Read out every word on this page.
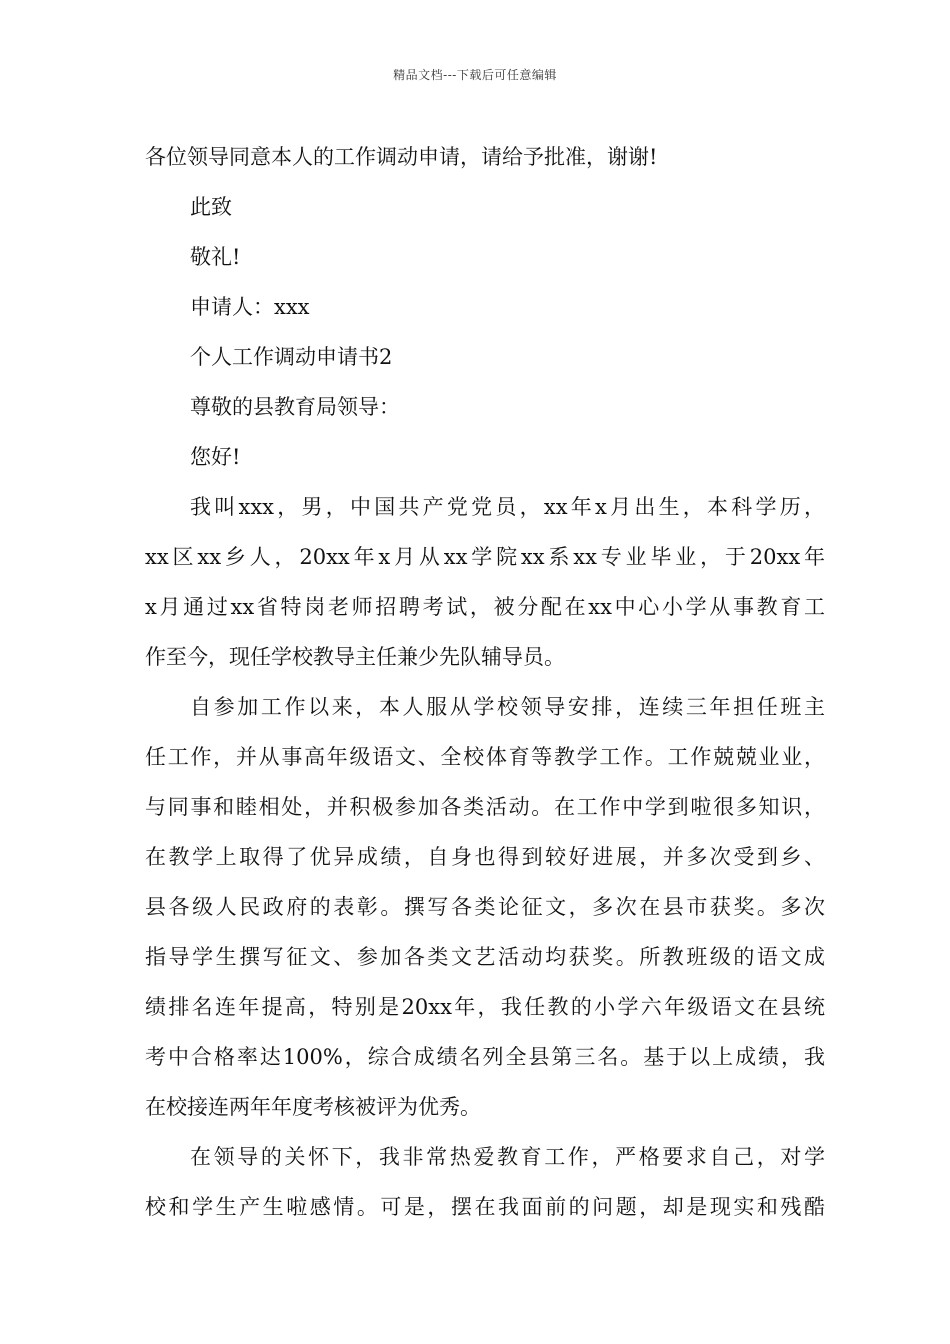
精品文档---下载后可任意编辑
各位领导同意本人的工作调动申请，请给予批准，谢谢!
此致
敬礼!
申请人：xxx
个人工作调动申请书2
尊敬的县教育局领导：
您好!
我叫xxx，男，中国共产党党员，xx年x月出生，本科学历，
xx区xx乡人，20xx年x月从xx学院xx系xx专业毕业，于20xx年
x月通过xx省特岗老师招聘考试，被分配在xx中心小学从事教育工
作至今，现任学校教导主任兼少先队辅导员。
自参加工作以来，本人服从学校领导安排，连续三年担任班主
任工作，并从事高年级语文、全校体育等教学工作。工作兢兢业业，
与同事和睦相处，并积极参加各类活动。在工作中学到啦很多知识，
在教学上取得了优异成绩，自身也得到较好进展，并多次受到乡、
县各级人民政府的表彰。撰写各类论征文，多次在县市获奖。多次
指导学生撰写征文、参加各类文艺活动均获奖。所教班级的语文成
绩排名连年提高，特别是20xx年，我任教的小学六年级语文在县统
考中合格率达100%，综合成绩名列全县第三名。基于以上成绩，我
在校接连两年年度考核被评为优秀。
在领导的关怀下，我非常热爱教育工作，严格要求自己，对学
校和学生产生啦感情。可是，摆在我面前的问题，却是现实和残酷
